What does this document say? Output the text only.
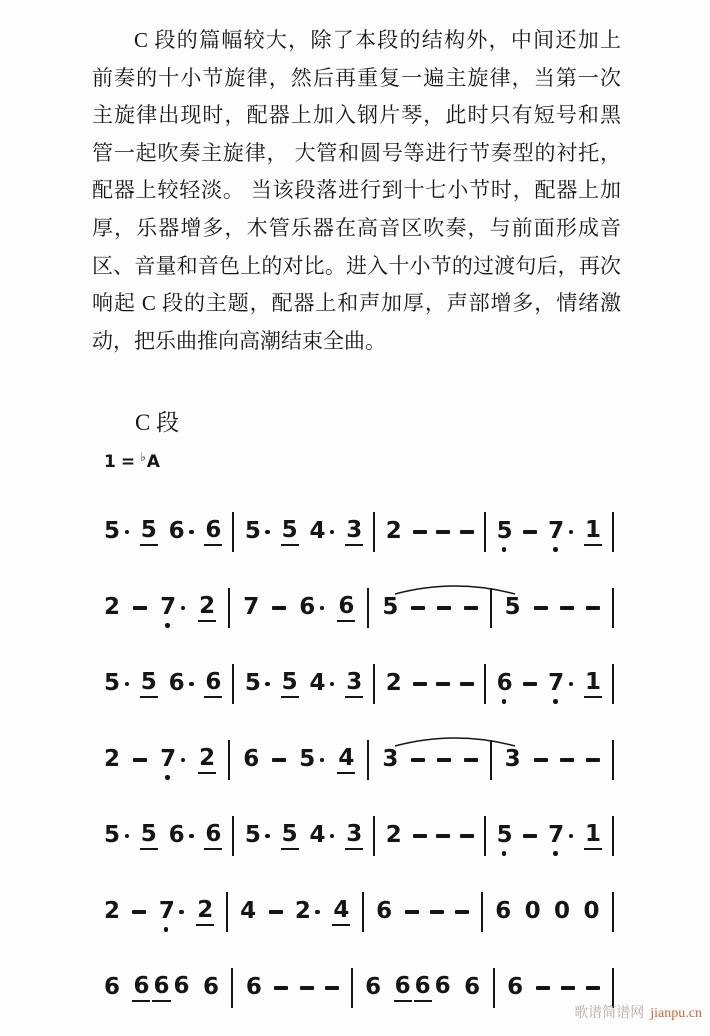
C 段的篇幅较大，除了本段的结构外，中间还加上
前奏的十小节旋律，然后再重复一遍主旋律，当第一次
主旋律出现时，配器上加入钢片琴，此时只有短号和黑
管一起吹奏主旋律， 大管和圆号等进行节奏型的衬托，
配器上较轻淡。 当该段落进行到十七小节时，配器上加
厚，乐器增多，木管乐器在高音区吹奏，与前面形成音
区、音量和音色上的对比。进入十小节的过渡句后，再次
响起 C 段的主题，配器上和声加厚，声部增多，情绪激
动，把乐曲推向高潮结束全曲。
C 段
1 = ♭A
5 5 6 6 5 5 4 3 2	5 7 1
2 7	2 7 6	6 5	5
5 5 6 6 5 5 4 3 2	6 7 1
2 7	2 6 5	4 3	3
5 5 6 6 5 5 4 3 2	5 7 1
2 7 2 4 2 4 6	6 0 0 0
6 6 6 6 6 6	6 6 6 6 6 6
歌谱简谱网 jianpu.cn
